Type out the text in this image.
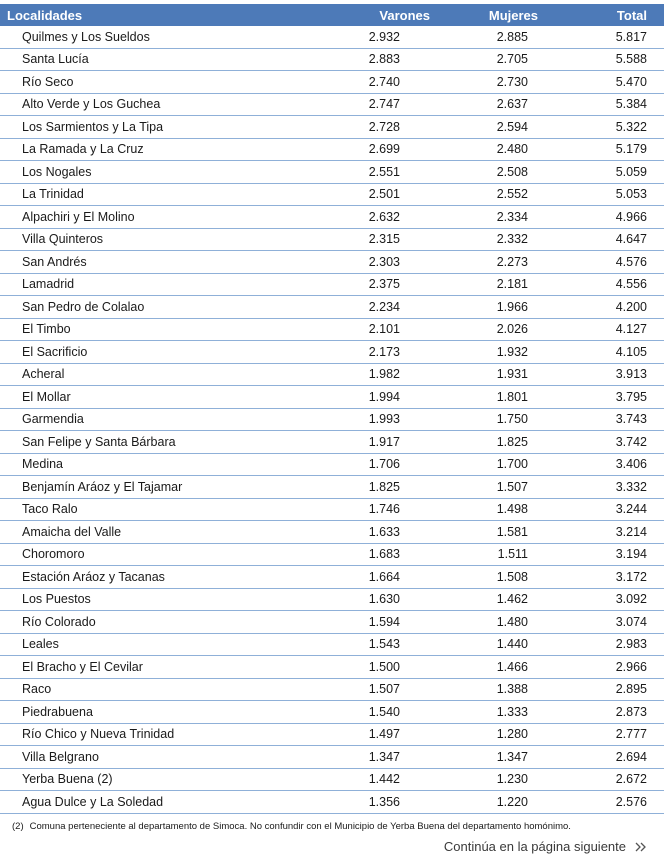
Localidades	Varones	Mujeres	Total
Quilmes y Los Sueldos	2.932	2.885	5.817
Santa Lucía	2.883	2.705	5.588
Río Seco	2.740	2.730	5.470
Alto Verde y Los Guchea	2.747	2.637	5.384
Los Sarmientos y La Tipa	2.728	2.594	5.322
La Ramada y La Cruz	2.699	2.480	5.179
Los Nogales	2.551	2.508	5.059
La Trinidad	2.501	2.552	5.053
Alpachiri y El Molino	2.632	2.334	4.966
Villa Quinteros	2.315	2.332	4.647
San Andrés	2.303	2.273	4.576
Lamadrid	2.375	2.181	4.556
San Pedro de Colalao	2.234	1.966	4.200
El Timbo	2.101	2.026	4.127
El Sacrificio	2.173	1.932	4.105
Acheral	1.982	1.931	3.913
El Mollar	1.994	1.801	3.795
Garmendia	1.993	1.750	3.743
San Felipe y Santa Bárbara	1.917	1.825	3.742
Medina	1.706	1.700	3.406
Benjamín Aráoz y El Tajamar	1.825	1.507	3.332
Taco Ralo	1.746	1.498	3.244
Amaicha del Valle	1.633	1.581	3.214
Choromoro	1.683	1.511	3.194
Estación Aráoz y Tacanas	1.664	1.508	3.172
Los Puestos	1.630	1.462	3.092
Río Colorado	1.594	1.480	3.074
Leales	1.543	1.440	2.983
El Bracho y El Cevilar	1.500	1.466	2.966
Raco	1.507	1.388	2.895
Piedrabuena	1.540	1.333	2.873
Río Chico y Nueva Trinidad	1.497	1.280	2.777
Villa Belgrano	1.347	1.347	2.694
Yerba Buena (2)	1.442	1.230	2.672
Agua Dulce y La Soledad	1.356	1.220	2.576
(2) Comuna perteneciente al departamento de Simoca. No confundir con el Municipio de Yerba Buena del departamento homónimo.
Continúa en la página siguiente
